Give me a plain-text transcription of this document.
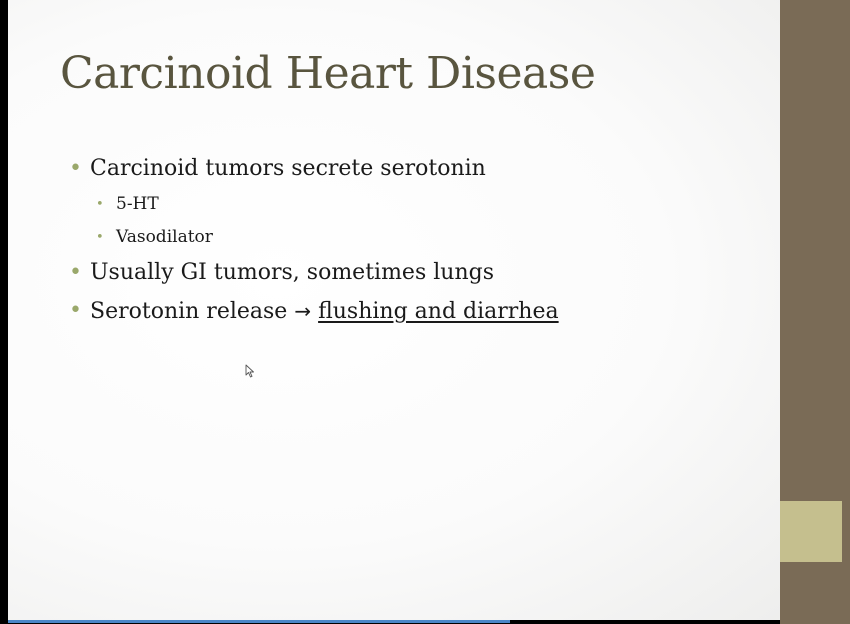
Carcinoid Heart Disease
• Carcinoid tumors secrete serotonin
• 5-HT
• Vasodilator
• Usually GI tumors, sometimes lungs
• Serotonin release → flushing and diarrhea
